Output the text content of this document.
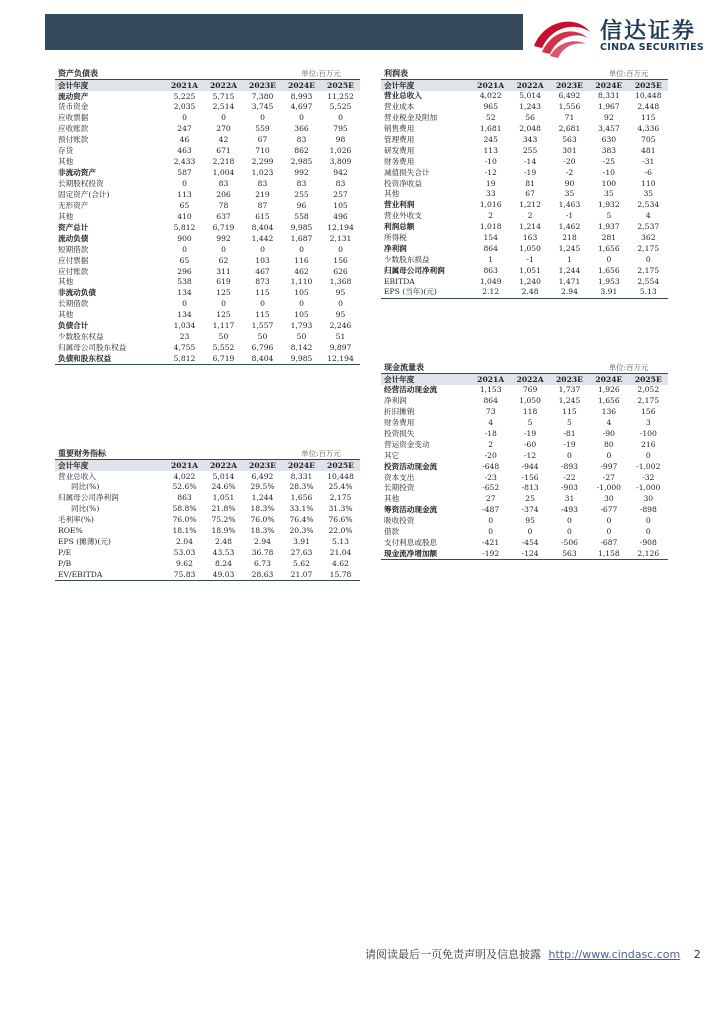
信达证券
CINDA SECURITIES
资产负债表				单位:百万元	
会计年度	2021A	2022A	2023E	2024E	2025E
流动资产	5,225	5,715	7,380	8,993	11,252
货币资金	2,035	2,514	3,745	4,697	5,525
应收票据	0	0	0	0	0
应收账款	247	270	559	366	795
预付账款	46	42	67	83	98
存货	463	671	710	862	1,026
其他	2,433	2,218	2,299	2,985	3,809
非流动资产	587	1,004	1,023	992	942
长期股权投资	0	83	83	83	83
固定资产(合计)	113	206	219	255	257
无形资产	65	78	87	96	105
其他	410	637	615	558	496
资产总计	5,812	6,719	8,404	9,985	12,194
流动负债	900	992	1,442	1,687	2,131
短期借款	0	0	0	0	0
应付票据	65	62	103	116	156
应付账款	296	311	467	462	626
其他	538	619	873	1,110	1,368
非流动负债	134	125	115	105	95
长期借款	0	0	0	0	0
其他	134	125	115	105	95
负债合计	1,034	1,117	1,557	1,793	2,246
少数股东权益	23	50	50	50	51
归属母公司股东权益	4,755	5,552	6,796	8,142	9,897
负债和股东权益	5,812	6,719	8,404	9,985	12,194
利润表				单位:百万元	
会计年度	2021A	2022A	2023E	2024E	2025E
营业总收入	4,022	5,014	6,492	8,331	10,448
营业成本	965	1,243	1,556	1,967	2,448
营业税金及附加	52	56	71	92	115
销售费用	1,681	2,048	2,681	3,457	4,336
管理费用	245	343	563	630	705
研发费用	113	255	301	383	481
财务费用	-10	-14	-20	-25	-31
减值损失合计	-12	-19	-2	-10	-6
投资净收益	19	81	90	100	110
其他	33	67	35	35	35
营业利润	1,016	1,212	1,463	1,932	2,534
营业外收支	2	2	-1	5	4
利润总额	1,018	1,214	1,462	1,937	2,537
所得税	154	163	218	281	362
净利润	864	1,050	1,245	1,656	2,175
少数股东损益	1	-1	1	0	0
归属母公司净利润	863	1,051	1,244	1,656	2,175
EBITDA	1,049	1,240	1,471	1,953	2,554
EPS (当年)(元)	2.12	2.48	2.94	3.91	5.13
现金流量表				单位:百万元	
会计年度	2021A	2022A	2023E	2024E	2025E
经营活动现金流	1,153	769	1,737	1,926	2,052
净利润	864	1,050	1,245	1,656	2,175
折旧摊销	73	118	115	136	156
财务费用	4	5	5	4	3
投资损失	-18	-19	-81	-90	-100
营运资金变动	2	-60	-19	80	216
其它	-20	-12	0	0	0
投资活动现金流	-648	-944	-893	-997	-1,002
资本支出	-23	-156	-22	-27	-32
长期投资	-652	-813	-903	-1,000	-1,000
其他	27	25	31	30	30
筹资活动现金流	-487	-374	-493	-677	-898
吸收投资	0	95	0	0	0
借款	0	0	0	0	0
支付利息或股息	-421	-454	-506	-687	-908
现金流净增加额	-192	-124	563	1,158	2,126
重要财务指标				单位:百万元	
会计年度	2021A	2022A	2023E	2024E	2025E
营业总收入	4,022	5,014	6,492	8,331	10,448
同比(%)	52.6%	24.6%	29.5%	28.3%	25.4%
归属母公司净利润	863	1,051	1,244	1,656	2,175
同比(%)	58.8%	21.8%	18.3%	33.1%	31.3%
毛利率(%)	76.0%	75.2%	76.0%	76.4%	76.6%
ROE%	18.1%	18.9%	18.3%	20.3%	22.0%
EPS (摊薄)(元)	2.04	2.48	2.94	3.91	5.13
P/E	53.03	43.53	36.78	27.63	21.04
P/B	9.62	8.24	6.73	5.62	4.62
EV/EBITDA	75.83	49.03	28.63	21.07	15.78
请阅读最后一页免责声明及信息披露 http://www.cindasc.com 2
